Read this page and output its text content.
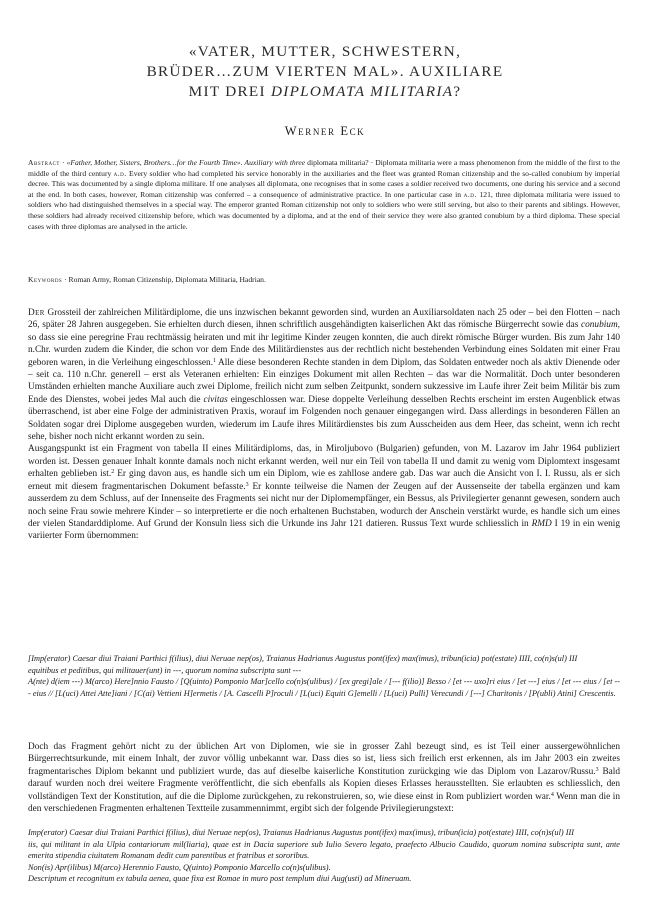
«VATER, MUTTER, SCHWESTERN,
BRÜDER…ZUM VIERTEN MAL». AUXILIARE
MIT DREI DIPLOMATA MILITARIA?
Werner Eck

Abstract · «Father, Mother, Sisters, Brothers…for the Fourth Time». Auxiliary with three diplomata militaria? · Diplomata militaria were a mass phenomenon from the middle of the first to the middle of the third century a.d. Every soldier who had completed his service honorably in the auxiliaries and the fleet was granted Roman citizenship and the so-called conubium by imperial decree. This was documented by a single diploma militare. If one analyses all diplomata, one recognises that in some cases a soldier received two documents, one during his service and a second at the end. In both cases, however, Roman citizenship was conferred – a consequence of administrative practice. In one particular case in a.d. 121, three diplomata militaria were issued to soldiers who had distinguished themselves in a special way. The emperor granted Roman citizenship not only to soldiers who were still serving, but also to their parents and siblings. However, these soldiers had already received citizenship before, which was documented by a diploma, and at the end of their service they were also granted conubium by a third diploma. These special cases with three diplomas are analysed in the article.

Keywords · Roman Army, Roman Citizenship, Diplomata Militaria, Hadrian.

Der Grossteil der zahlreichen Militärdiplome, die uns inzwischen bekannt geworden sind, wurden an Auxiliarsoldaten nach 25 oder – bei den Flotten – nach 26, später 28 Jahren ausgegeben. Sie erhielten durch diesen, ihnen schriftlich ausgehändigten kaiserlichen Akt das römische Bürgerrecht sowie das conubium, so dass sie eine peregrine Frau rechtmässig heiraten und mit ihr legitime Kinder zeugen konnten, die auch direkt römische Bürger wurden. Bis zum Jahr 140 n.Chr. wurden zudem die Kinder, die schon vor dem Ende des Militärdienstes aus der rechtlich nicht bestehenden Verbindung eines Soldaten mit einer Frau geboren waren, in die Verleihung eingeschlossen.$^1$ Alle diese besonderen Rechte standen in dem Diplom, das Soldaten entweder noch als aktiv Dienende oder – seit ca. 110 n.Chr. generell – erst als Veteranen erhielten: Ein einziges Dokument mit allen Rechten – das war die Normalität. Doch unter besonderen Umständen erhielten manche Auxiliare auch zwei Diplome, freilich nicht zum selben Zeitpunkt, sondern sukzessive im Laufe ihrer Zeit beim Militär bis zum Ende des Dienstes, wobei jedes Mal auch die civitas eingeschlossen war. Diese doppelte Verleihung desselben Rechts erscheint im ersten Augenblick etwas überraschend, ist aber eine Folge der administrativen Praxis, worauf im Folgenden noch genauer eingegangen wird. Dass allerdings in besonderen Fällen an Soldaten sogar drei Diplome ausgegeben wurden, wiederum im Laufe ihres Militärdienstes bis zum Ausscheiden aus dem Heer, das scheint, wenn ich recht sehe, bisher noch nicht erkannt worden zu sein.
Ausgangspunkt ist ein Fragment von tabella II eines Militärdiploms, das, in Miroljubovo (Bulgarien) gefunden, von M. Lazarov im Jahr 1964 publiziert worden ist. Dessen genauer Inhalt konnte damals noch nicht erkannt werden, weil nur ein Teil von tabella II und damit zu wenig vom Diplomtext insgesamt erhalten geblieben ist.$^2$ Er ging davon aus, es handle sich um ein Diplom, wie es zahllose andere gab. Das war auch die Ansicht von I. I. Russu, als er sich erneut mit diesem fragmentarischen Dokument befasste.$^3$ Er konnte teilweise die Namen der Zeugen auf der Aussenseite der tabella ergänzen und kam ausserdem zu dem Schluss, auf der Innenseite des Fragments sei nicht nur der Diplomempfänger, ein Bessus, als Privilegierter genannt gewesen, sondern auch noch seine Frau sowie mehrere Kinder – so interpretierte er die noch erhaltenen Buchstaben, wodurch der Anschein verstärkt wurde, es handle sich um eines der vielen Standarddiplome. Auf Grund der Konsuln liess sich die Urkunde ins Jahr 121 datieren. Russus Text wurde schliesslich in RMD I 19 in ein wenig variierter Form übernommen:

[Imp(erator) Caesar diui Traiani Parthici f(ilius), diui Neruae nep(os), Traianus Hadrianus Augustus pont(ifex) max(imus), tribun(icia) pot(estate) IIII, co(n)s(ul) III
equitibus et peditibus, qui militauer(unt) in ---, quorum nomina subscripta sunt ---
A(nte) d(iem ---) M(arco) Here]nnio Fausto / [Q(uinto) Pomponio Mar]cello co(n)s(ulibus) / [ex gregi]ale / [--- f(ilio)] Besso / [et --- uxo]ri eius / [et ---] eius / [et --- eius / [et --- eius // [L(uci) Attei Atte]iani / [C(ai) Vettieni H]ermetis / [A. Cascelli P]roculi / [L(uci) Equiti G]emelli / [L(uci) Pulli] Verecundi / [---] Charitonis / [P(ubli) Atini] Crescentis.

Doch das Fragment gehört nicht zu der üblichen Art von Diplomen, wie sie in grosser Zahl bezeugt sind, es ist Teil einer aussergewöhnlichen Bürgerrechtsurkunde, mit einem Inhalt, der zuvor völlig unbekannt war. Dass dies so ist, liess sich freilich erst erkennen, als im Jahr 2003 ein zweites fragmentarisches Diplom bekannt und publiziert wurde, das auf dieselbe kaiserliche Konstitution zurückging wie das Diplom von Lazarov/Russu.$^3$ Bald darauf wurden noch drei weitere Fragmente veröffentlicht, die sich ebenfalls als Kopien dieses Erlasses herausstellten. Sie erlaubten es schliesslich, den vollständigen Text der Konstitution, auf die die Diplome zurückgehen, zu rekonstruieren, so, wie diese einst in Rom publiziert worden war.$^4$ Wenn man die in den verschiedenen Fragmenten erhaltenen Textteile zusammennimmt, ergibt sich der folgende Privilegierungstext:

Imp(erator) Caesar diui Traiani Parthici f(ilius), diui Neruae nep(os), Traianus Hadrianus Augustus pont(ifex) max(imus), tribun(icia) pot(estate) IIII, co(n)s(ul) III
iis, qui militant in ala Ulpia contariorum mil(liaria), quae est in Dacia superiore sub Iulio Severo legato, praefecto Albucio Caudido, quorum nomina subscripta sunt, ante emerita stipendia ciuitatem Romanam dedit cum parentibus et fratribus et sororibus.
Non(is) Apr(ilibus) M(arco) Herennio Fausto, Q(uinto) Pomponio Marcello co(n)s(ulibus).
Descriptum et recognitum ex tabula aenea, quae fixa est Romae in muro post templum diui Aug(usti) ad Mineruam.
